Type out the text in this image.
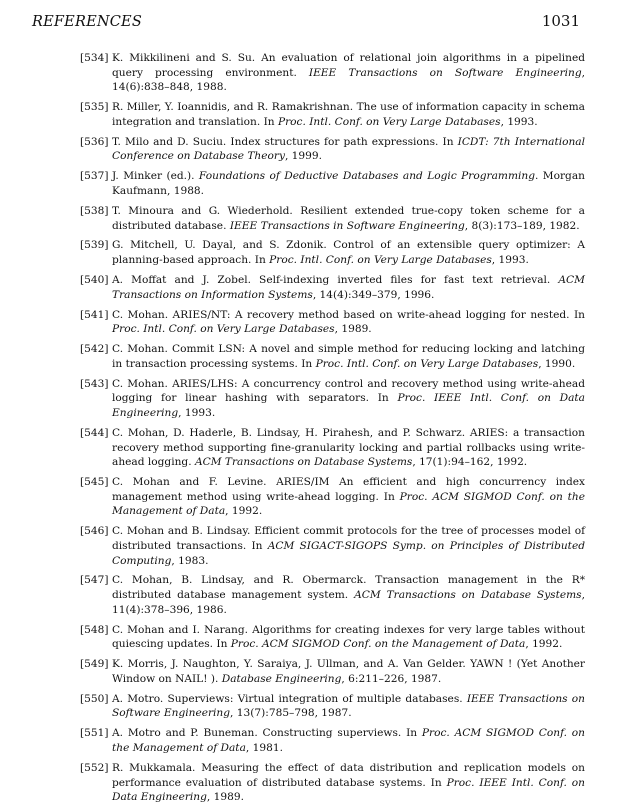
REFERENCES	1031
[534] K. Mikkilineni and S. Su. An evaluation of relational join algorithms in a pipelined query processing environment. IEEE Transactions on Software Engineering, 14(6):838–848, 1988.
[535] R. Miller, Y. Ioannidis, and R. Ramakrishnan. The use of information capacity in schema integration and translation. In Proc. Intl. Conf. on Very Large Databases, 1993.
[536] T. Milo and D. Suciu. Index structures for path expressions. In ICDT: 7th International Conference on Database Theory, 1999.
[537] J. Minker (ed.). Foundations of Deductive Databases and Logic Programming. Morgan Kaufmann, 1988.
[538] T. Minoura and G. Wiederhold. Resilient extended true-copy token scheme for a distributed database. IEEE Transactions in Software Engineering, 8(3):173–189, 1982.
[539] G. Mitchell, U. Dayal, and S. Zdonik. Control of an extensible query optimizer: A planning-based approach. In Proc. Intl. Conf. on Very Large Databases, 1993.
[540] A. Moffat and J. Zobel. Self-indexing inverted files for fast text retrieval. ACM Transactions on Information Systems, 14(4):349–379, 1996.
[541] C. Mohan. ARIES/NT: A recovery method based on write-ahead logging for nested. In Proc. Intl. Conf. on Very Large Databases, 1989.
[542] C. Mohan. Commit LSN: A novel and simple method for reducing locking and latching in transaction processing systems. In Proc. Intl. Conf. on Very Large Databases, 1990.
[543] C. Mohan. ARIES/LHS: A concurrency control and recovery method using write-ahead logging for linear hashing with separators. In Proc. IEEE Intl. Conf. on Data Engineering, 1993.
[544] C. Mohan, D. Haderle, B. Lindsay, H. Pirahesh, and P. Schwarz. ARIES: a transaction recovery method supporting fine-granularity locking and partial rollbacks using write-ahead logging. ACM Transactions on Database Systems, 17(1):94–162, 1992.
[545] C. Mohan and F. Levine. ARIES/IM An efficient and high concurrency index management method using write-ahead logging. In Proc. ACM SIGMOD Conf. on the Management of Data, 1992.
[546] C. Mohan and B. Lindsay. Efficient commit protocols for the tree of processes model of distributed transactions. In ACM SIGACT-SIGOPS Symp. on Principles of Distributed Computing, 1983.
[547] C. Mohan, B. Lindsay, and R. Obermarck. Transaction management in the R* distributed database management system. ACM Transactions on Database Systems, 11(4):378–396, 1986.
[548] C. Mohan and I. Narang. Algorithms for creating indexes for very large tables without quiescing updates. In Proc. ACM SIGMOD Conf. on the Management of Data, 1992.
[549] K. Morris, J. Naughton, Y. Saraiya, J. Ullman, and A. Van Gelder. YAWN ! (Yet Another Window on NAIL! ). Database Engineering, 6:211–226, 1987.
[550] A. Motro. Superviews: Virtual integration of multiple databases. IEEE Transactions on Software Engineering, 13(7):785–798, 1987.
[551] A. Motro and P. Buneman. Constructing superviews. In Proc. ACM SIGMOD Conf. on the Management of Data, 1981.
[552] R. Mukkamala. Measuring the effect of data distribution and replication models on performance evaluation of distributed database systems. In Proc. IEEE Intl. Conf. on Data Engineering, 1989.
